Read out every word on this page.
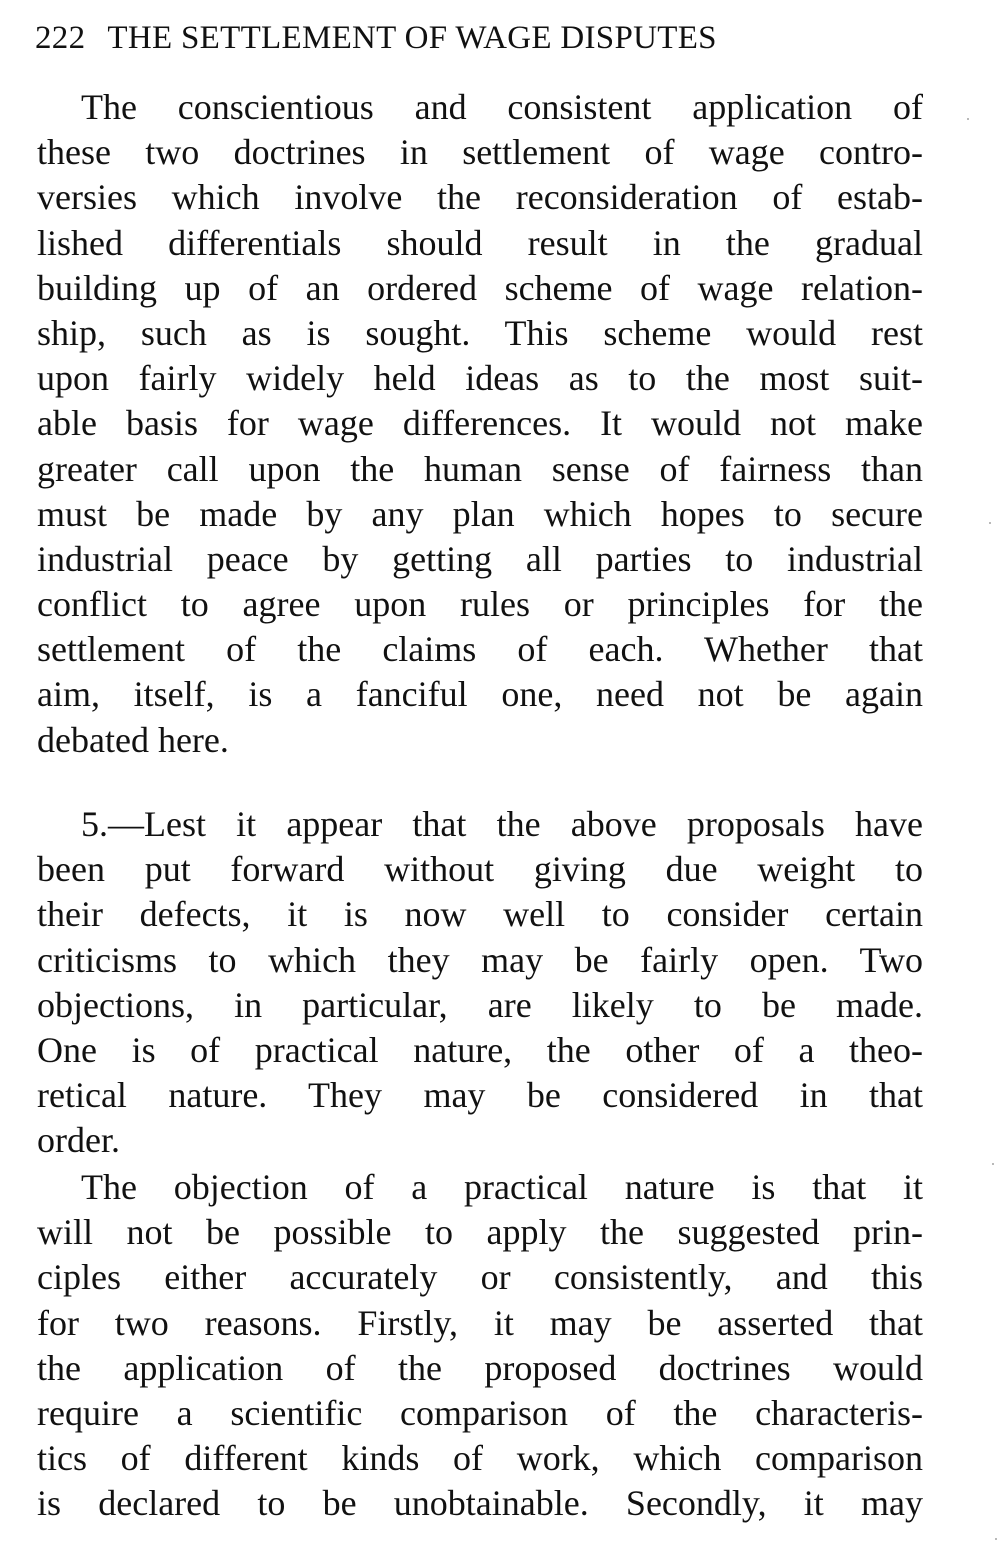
222 THE SETTLEMENT OF WAGE DISPUTES
The conscientious and consistent application of
these two doctrines in settlement of wage contro-
versies which involve the reconsideration of estab-
lished differentials should result in the gradual
building up of an ordered scheme of wage relation-
ship, such as is sought. This scheme would rest
upon fairly widely held ideas as to the most suit-
able basis for wage differences. It would not make
greater call upon the human sense of fairness than
must be made by any plan which hopes to secure
industrial peace by getting all parties to industrial
conflict to agree upon rules or principles for the
settlement of the claims of each. Whether that
aim, itself, is a fanciful one, need not be again
debated here.
5.—Lest it appear that the above proposals have
been put forward without giving due weight to
their defects, it is now well to consider certain
criticisms to which they may be fairly open. Two
objections, in particular, are likely to be made.
One is of practical nature, the other of a theo-
retical nature. They may be considered in that
order.
The objection of a practical nature is that it
will not be possible to apply the suggested prin-
ciples either accurately or consistently, and this
for two reasons. Firstly, it may be asserted that
the application of the proposed doctrines would
require a scientific comparison of the characteris-
tics of different kinds of work, which comparison
is declared to be unobtainable. Secondly, it may
